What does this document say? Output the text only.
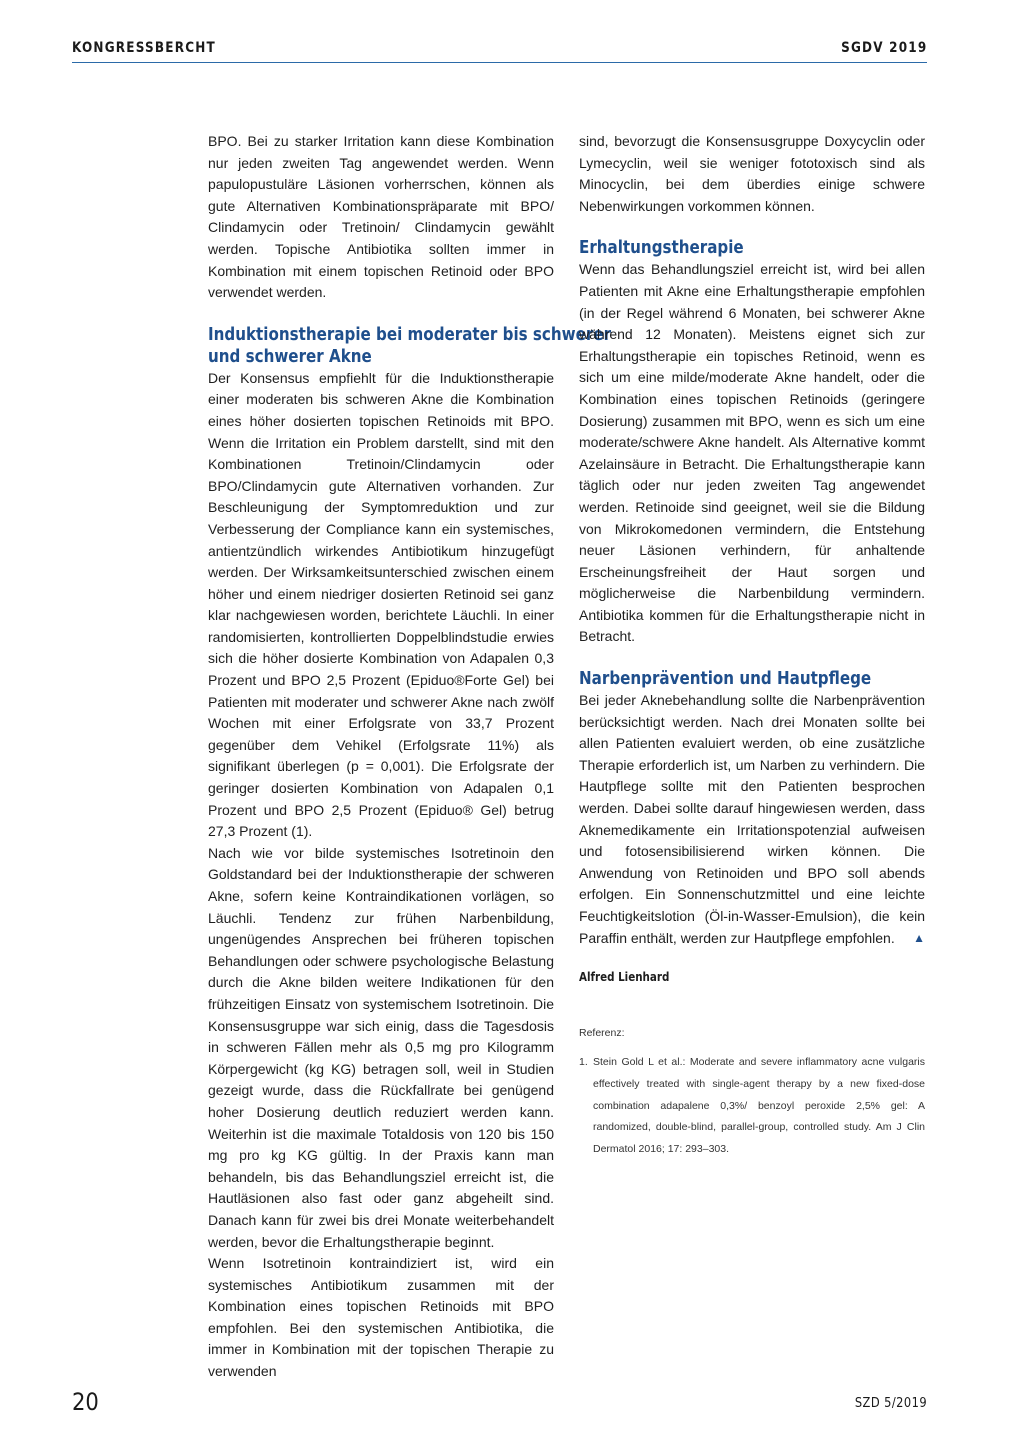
KONGRESSBERCHT	SGDV 2019

BPO. Bei zu starker Irritation kann diese Kombination nur jeden zweiten Tag angewendet werden. Wenn papulopustuläre Läsionen vorherrschen, können als gute Alternativen Kombinationspräparate mit BPO/ Clindamycin oder Tretinoin/ Clindamycin gewählt werden. Topische Antibiotika sollten immer in Kombination mit einem topischen Retinoid oder BPO verwendet werden.

Induktionstherapie bei moderater bis schwerer
und schwerer Akne

Der Konsensus empfiehlt für die Induktionstherapie einer moderaten bis schweren Akne die Kombination eines höher dosierten topischen Retinoids mit BPO. Wenn die Irritation ein Problem darstellt, sind mit den Kombinationen Tretinoin/Clindamycin oder BPO/Clindamycin gute Alternativen vorhanden. Zur Beschleunigung der Symptomreduktion und zur Verbesserung der Compliance kann ein systemisches, antientzündlich wirkendes Antibiotikum hinzugefügt werden. Der Wirksamkeitsunterschied zwischen einem höher und einem niedriger dosierten Retinoid sei ganz klar nachgewiesen worden, berichtete Läuchli. In einer randomisierten, kontrollierten Doppelblindstudie erwies sich die höher dosierte Kombination von Adapalen 0,3 Prozent und BPO 2,5 Prozent (Epiduo®Forte Gel) bei Patienten mit moderater und schwerer Akne nach zwölf Wochen mit einer Erfolgsrate von 33,7 Prozent gegenüber dem Vehikel (Erfolgsrate 11%) als signifikant überlegen (p = 0,001). Die Erfolgsrate der geringer dosierten Kombination von Adapalen 0,1 Prozent und BPO 2,5 Prozent (Epiduo® Gel) betrug 27,3 Prozent (1).

Nach wie vor bilde systemisches Isotretinoin den Goldstandard bei der Induktionstherapie der schweren Akne, sofern keine Kontraindikationen vorlägen, so Läuchli. Tendenz zur frühen Narbenbildung, ungenügendes Ansprechen bei früheren topischen Behandlungen oder schwere psychologische Belastung durch die Akne bilden weitere Indikationen für den frühzeitigen Einsatz von systemischem Isotretinoin. Die Konsensusgruppe war sich einig, dass die Tagesdosis in schweren Fällen mehr als 0,5 mg pro Kilogramm Körpergewicht (kg KG) betragen soll, weil in Studien gezeigt wurde, dass die Rückfallrate bei genügend hoher Dosierung deutlich reduziert werden kann. Weiterhin ist die maximale Totaldosis von 120 bis 150 mg pro kg KG gültig. In der Praxis kann man behandeln, bis das Behandlungsziel erreicht ist, die Hautläsionen also fast oder ganz abgeheilt sind. Danach kann für zwei bis drei Monate weiterbehandelt werden, bevor die Erhaltungstherapie beginnt.

Wenn Isotretinoin kontraindiziert ist, wird ein systemisches Antibiotikum zusammen mit der Kombination eines topischen Retinoids mit BPO empfohlen. Bei den systemischen Antibiotika, die immer in Kombination mit der topischen Therapie zu verwenden

sind, bevorzugt die Konsensusgruppe Doxycyclin oder Lymecyclin, weil sie weniger fototoxisch sind als Minocyclin, bei dem überdies einige schwere Nebenwirkungen vorkommen können.

Erhaltungstherapie

Wenn das Behandlungsziel erreicht ist, wird bei allen Patienten mit Akne eine Erhaltungstherapie empfohlen (in der Regel während 6 Monaten, bei schwerer Akne während 12 Monaten). Meistens eignet sich zur Erhaltungstherapie ein topisches Retinoid, wenn es sich um eine milde/moderate Akne handelt, oder die Kombination eines topischen Retinoids (geringere Dosierung) zusammen mit BPO, wenn es sich um eine moderate/schwere Akne handelt. Als Alternative kommt Azelainsäure in Betracht. Die Erhaltungstherapie kann täglich oder nur jeden zweiten Tag angewendet werden. Retinoide sind geeignet, weil sie die Bildung von Mikrokomedonen vermindern, die Entstehung neuer Läsionen verhindern, für anhaltende Erscheinungsfreiheit der Haut sorgen und möglicherweise die Narbenbildung vermindern. Antibiotika kommen für die Erhaltungstherapie nicht in Betracht.

Narbenprävention und Hautpflege

Bei jeder Aknebehandlung sollte die Narbenprävention berücksichtigt werden. Nach drei Monaten sollte bei allen Patienten evaluiert werden, ob eine zusätzliche Therapie erforderlich ist, um Narben zu verhindern. Die Hautpflege sollte mit den Patienten besprochen werden. Dabei sollte darauf hingewiesen werden, dass Aknemedikamente ein Irritationspotenzial aufweisen und fotosensibilisierend wirken können. Die Anwendung von Retinoiden und BPO soll abends erfolgen. Ein Sonnenschutzmittel und eine leichte Feuchtigkeitslotion (Öl-in-Wasser-Emulsion), die kein Paraffin enthält, werden zur Hautpflege empfohlen. ▲

Alfred Lienhard
Referenz:
1. Stein Gold L et al.: Moderate and severe inflammatory acne vulgaris effectively treated with single-agent therapy by a new fixed-dose combination adapalene 0,3%/ benzoyl peroxide 2,5% gel: A randomized, double-blind, parallel-group, controlled study. Am J Clin Dermatol 2016; 17: 293–303.
20	SZD 5/2019
